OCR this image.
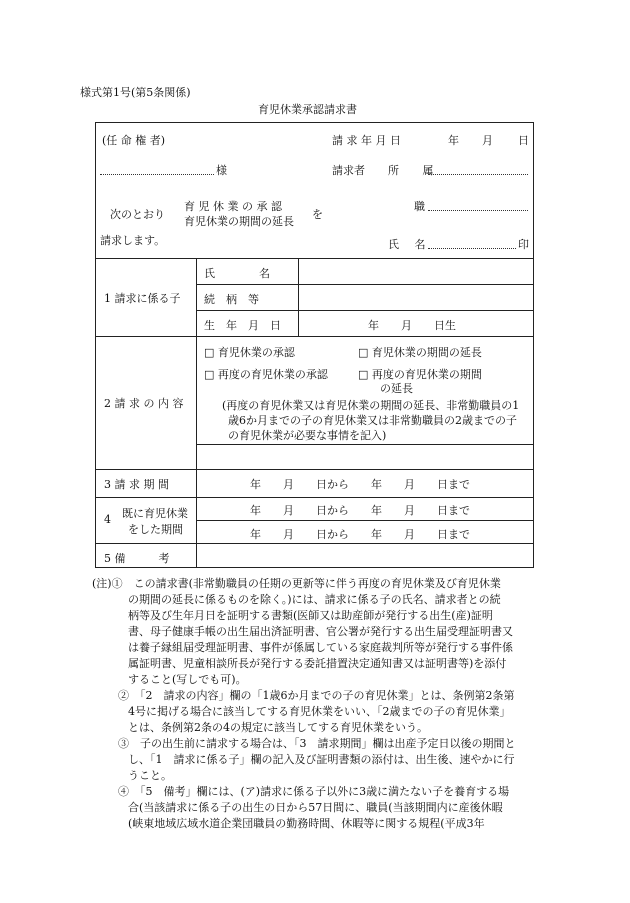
様式第1号(第5条関係)
育児休業承認請求書
(任 命 権 者)	請 求 年 月 日	年 月 日
様	請求者 所 属
次のとおり
育 児 休 業 の 承 認
育児休業の期間の延長
を
職
請求します。	氏 名	印
1 請求に係る子
氏　　　　名
続　柄　等
生　年　月　日	年　　月　　日生
2 請 求 の 内 容
□ 育児休業の承認	□ 育児休業の期間の延長
□ 再度の育児休業の承認	□ 再度の育児休業の期間
の延長
(再度の育児休業又は育児休業の期間の延長、非常勤職員の1
歳6か月までの子の育児休業又は非常勤職員の2歳までの子
の育児休業が必要な事情を記入)
3 請 求 期 間	年　　月　　日から　　年　　月　　日まで
4 既に育児休業
をした期間
年　　月　　日から　　年　　月　　日まで
年　　月　　日から　　年　　月　　日まで
5 備　　　考
(注)①　この請求書(非常勤職員の任期の更新等に伴う再度の育児休業及び育児休業
の期間の延長に係るものを除く。)には、請求に係る子の氏名、請求者との続
柄等及び生年月日を証明する書類(医師又は助産師が発行する出生(産)証明
書、母子健康手帳の出生届出済証明書、官公署が発行する出生届受理証明書又
は養子縁組届受理証明書、事件が係属している家庭裁判所等が発行する事件係
属証明書、児童相談所長が発行する委託措置決定通知書又は証明書等)を添付
すること(写しでも可)。
②　「2　請求の内容」欄の「1歳6か月までの子の育児休業」とは、条例第2条第
4号に掲げる場合に該当してする育児休業をいい、「2歳までの子の育児休業」
とは、条例第2条の4の規定に該当してする育児休業をいう。
③　子の出生前に請求する場合は、「3　請求期間」欄は出産予定日以後の期間と
し、「1　請求に係る子」欄の記入及び証明書類の添付は、出生後、速やかに行
うこと。
④　「5　備考」欄には、(ア)請求に係る子以外に3歳に満たない子を養育する場
合(当該請求に係る子の出生の日から57日間に、職員(当該期間内に産後休暇
(峡東地域広域水道企業団職員の勤務時間、休暇等に関する規程(平成3年
